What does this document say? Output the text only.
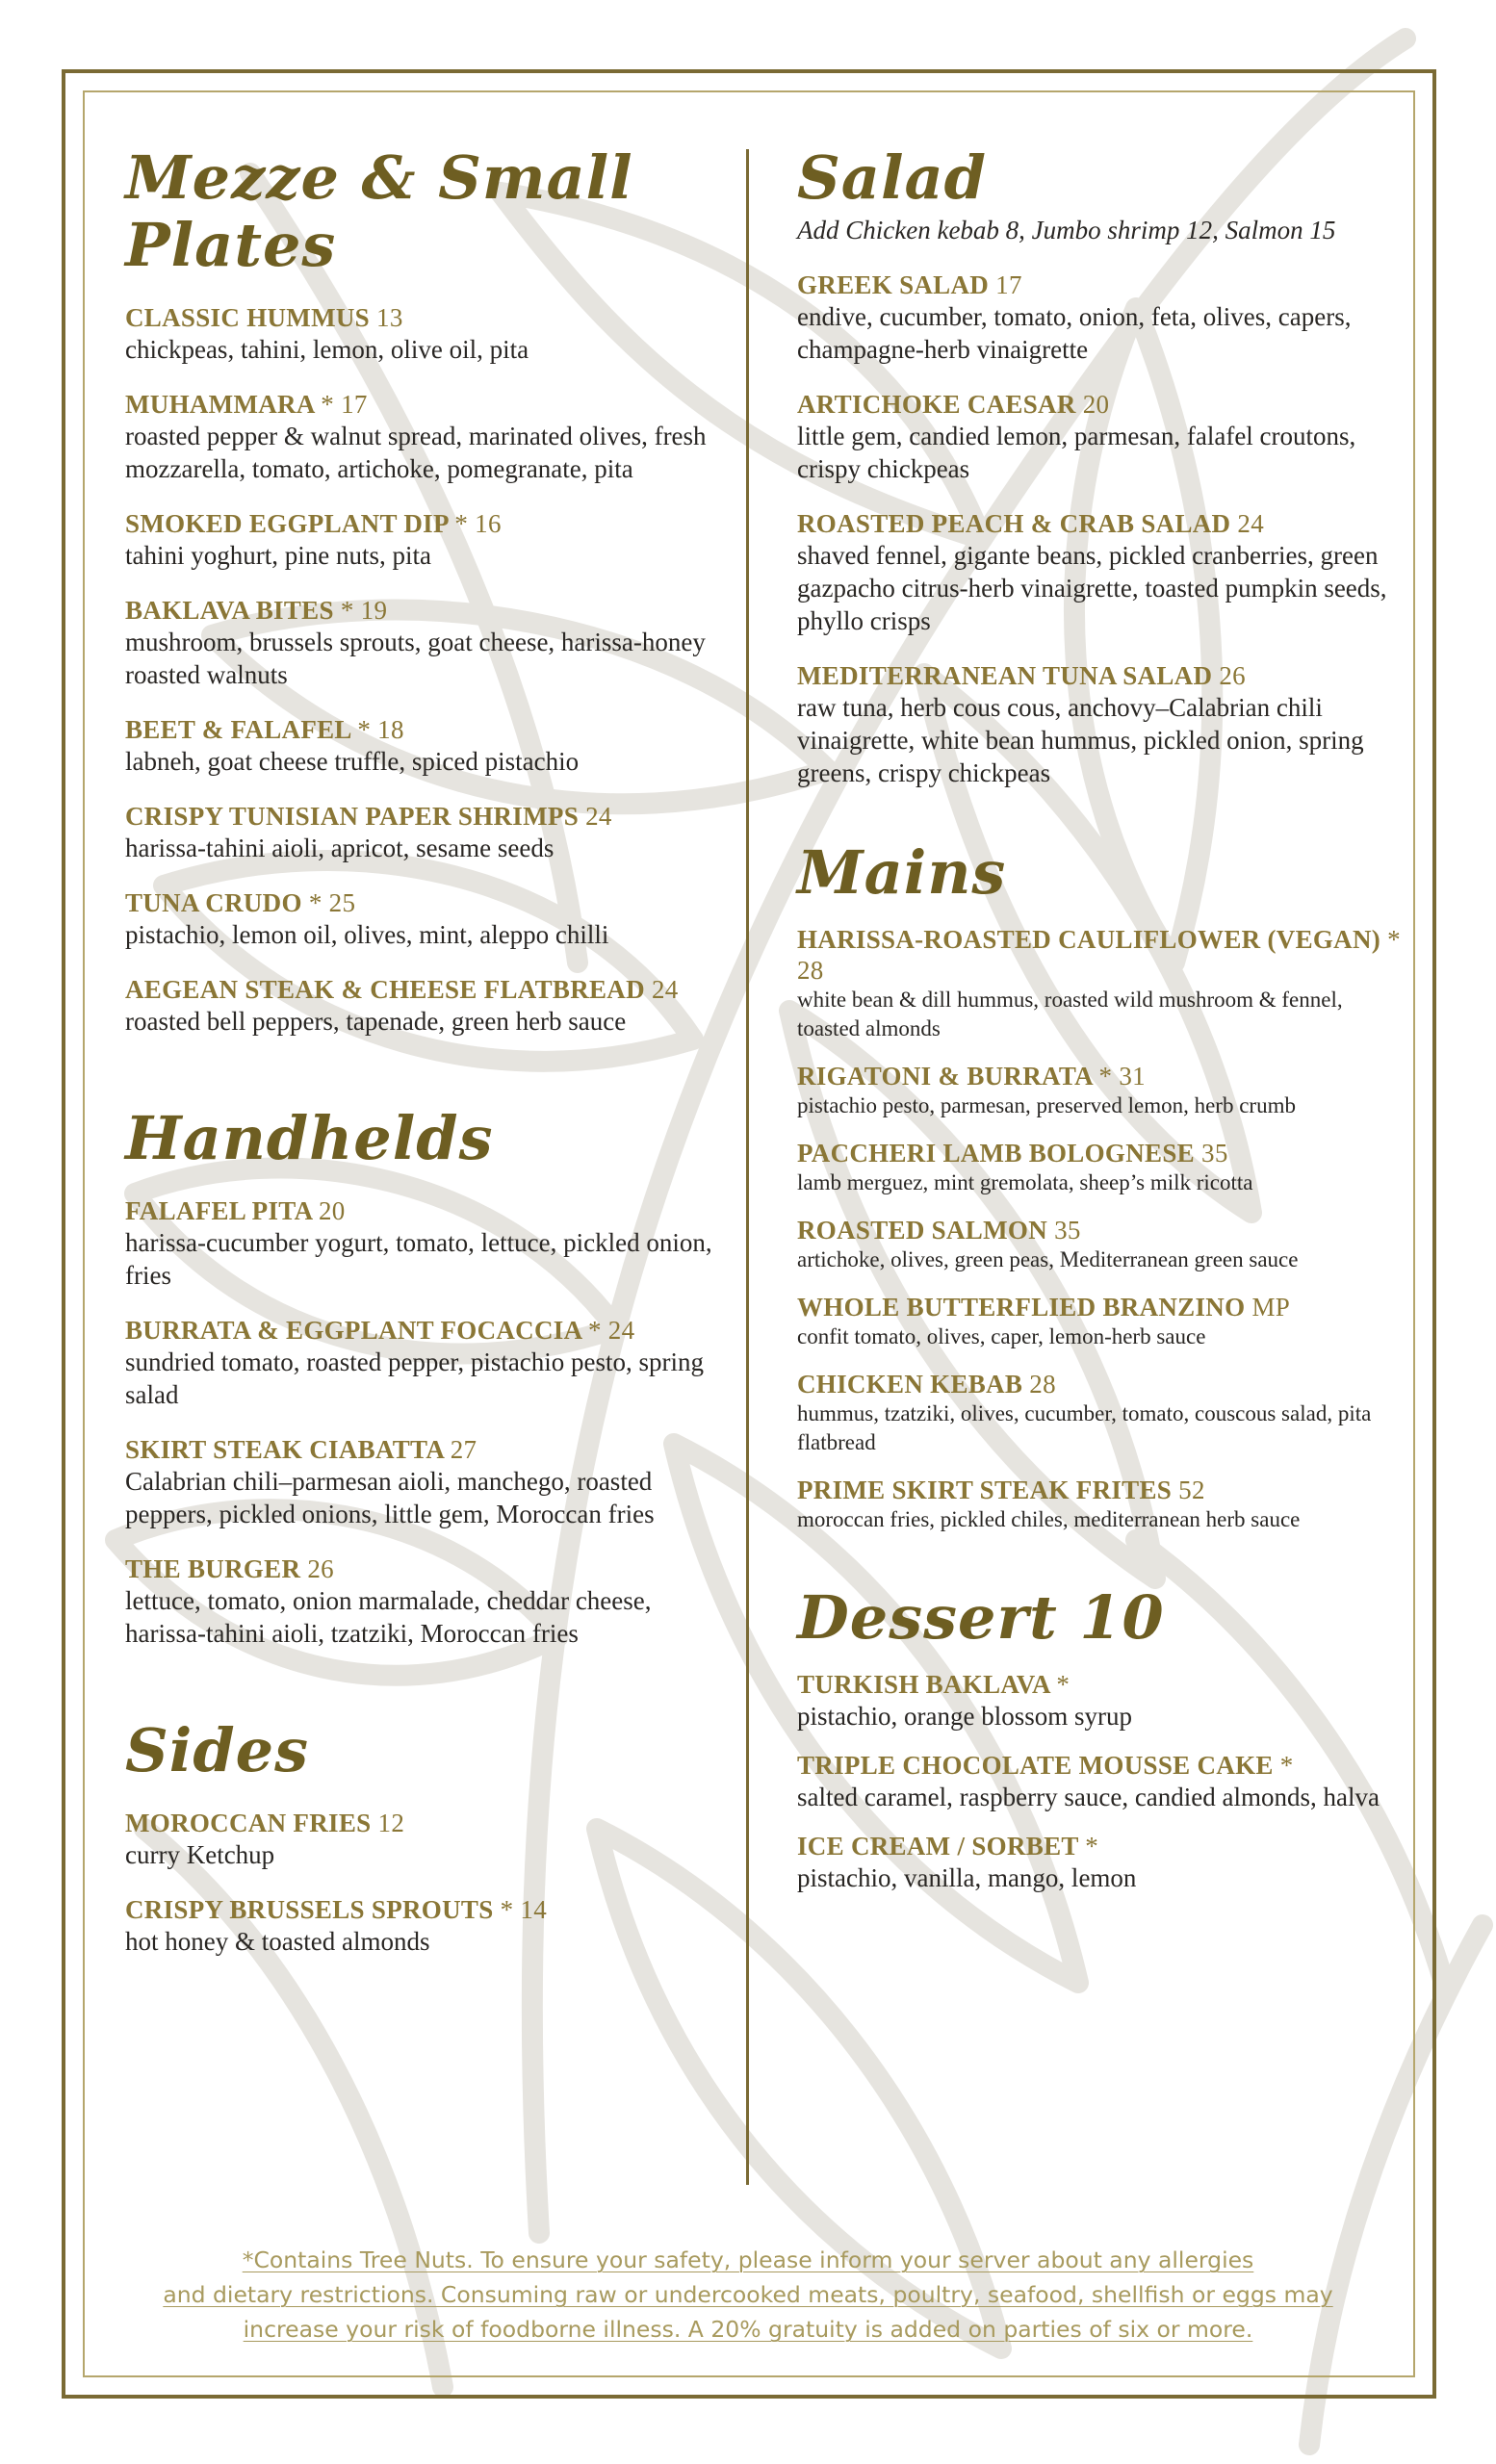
Mezze & Small Plates
CLASSIC HUMMUS 13
chickpeas, tahini, lemon, olive oil, pita
MUHAMMARA * 17
roasted pepper & walnut spread, marinated olives, fresh mozzarella, tomato, artichoke, pomegranate, pita
SMOKED EGGPLANT DIP * 16
tahini yoghurt, pine nuts, pita
BAKLAVA BITES * 19
mushroom, brussels sprouts, goat cheese, harissa-honey roasted walnuts
BEET & FALAFEL * 18
labneh, goat cheese truffle, spiced pistachio
CRISPY TUNISIAN PAPER SHRIMPS 24
harissa-tahini aioli, apricot, sesame seeds
TUNA CRUDO * 25
pistachio, lemon oil, olives, mint, aleppo chilli
AEGEAN STEAK & CHEESE FLATBREAD 24
roasted bell peppers, tapenade, green herb sauce
Handhelds
FALAFEL PITA 20
harissa-cucumber yogurt, tomato, lettuce, pickled onion, fries
BURRATA & EGGPLANT FOCACCIA * 24
sundried tomato, roasted pepper, pistachio pesto, spring salad
SKIRT STEAK CIABATTA 27
Calabrian chili–parmesan aioli, manchego, roasted peppers, pickled onions, little gem, Moroccan fries
THE BURGER 26
lettuce, tomato, onion marmalade, cheddar cheese, harissa-tahini aioli, tzatziki, Moroccan fries
Sides
MOROCCAN FRIES 12
curry Ketchup
CRISPY BRUSSELS SPROUTS * 14
hot honey & toasted almonds
Salad
Add Chicken kebab 8, Jumbo shrimp 12, Salmon 15
GREEK SALAD 17
endive, cucumber, tomato, onion, feta, olives, capers, champagne-herb vinaigrette
ARTICHOKE CAESAR 20
little gem, candied lemon, parmesan, falafel croutons, crispy chickpeas
ROASTED PEACH & CRAB SALAD 24
shaved fennel, gigante beans, pickled cranberries, green gazpacho citrus-herb vinaigrette, toasted pumpkin seeds, phyllo crisps
MEDITERRANEAN TUNA SALAD 26
raw tuna, herb cous cous, anchovy–Calabrian chili vinaigrette, white bean hummus, pickled onion, spring greens, crispy chickpeas
Mains
HARISSA-ROASTED CAULIFLOWER (VEGAN) * 28
white bean & dill hummus, roasted wild mushroom & fennel, toasted almonds
RIGATONI & BURRATA * 31
pistachio pesto, parmesan, preserved lemon, herb crumb
PACCHERI LAMB BOLOGNESE 35
lamb merguez, mint gremolata, sheep’s milk ricotta
ROASTED SALMON 35
artichoke, olives, green peas, Mediterranean green sauce
WHOLE BUTTERFLIED BRANZINO MP
confit tomato, olives, caper, lemon-herb sauce
CHICKEN KEBAB 28
hummus, tzatziki, olives, cucumber, tomato, couscous salad, pita flatbread
PRIME SKIRT STEAK FRITES 52
moroccan fries, pickled chiles, mediterranean herb sauce
Dessert 10
TURKISH BAKLAVA *
pistachio, orange blossom syrup
TRIPLE CHOCOLATE MOUSSE CAKE *
salted caramel, raspberry sauce, candied almonds, halva
ICE CREAM / SORBET *
pistachio, vanilla, mango, lemon
*Contains Tree Nuts. To ensure your safety, please inform your server about any allergies
and dietary restrictions. Consuming raw or undercooked meats, poultry, seafood, shellfish or eggs may
increase your risk of foodborne illness. A 20% gratuity is added on parties of six or more.
